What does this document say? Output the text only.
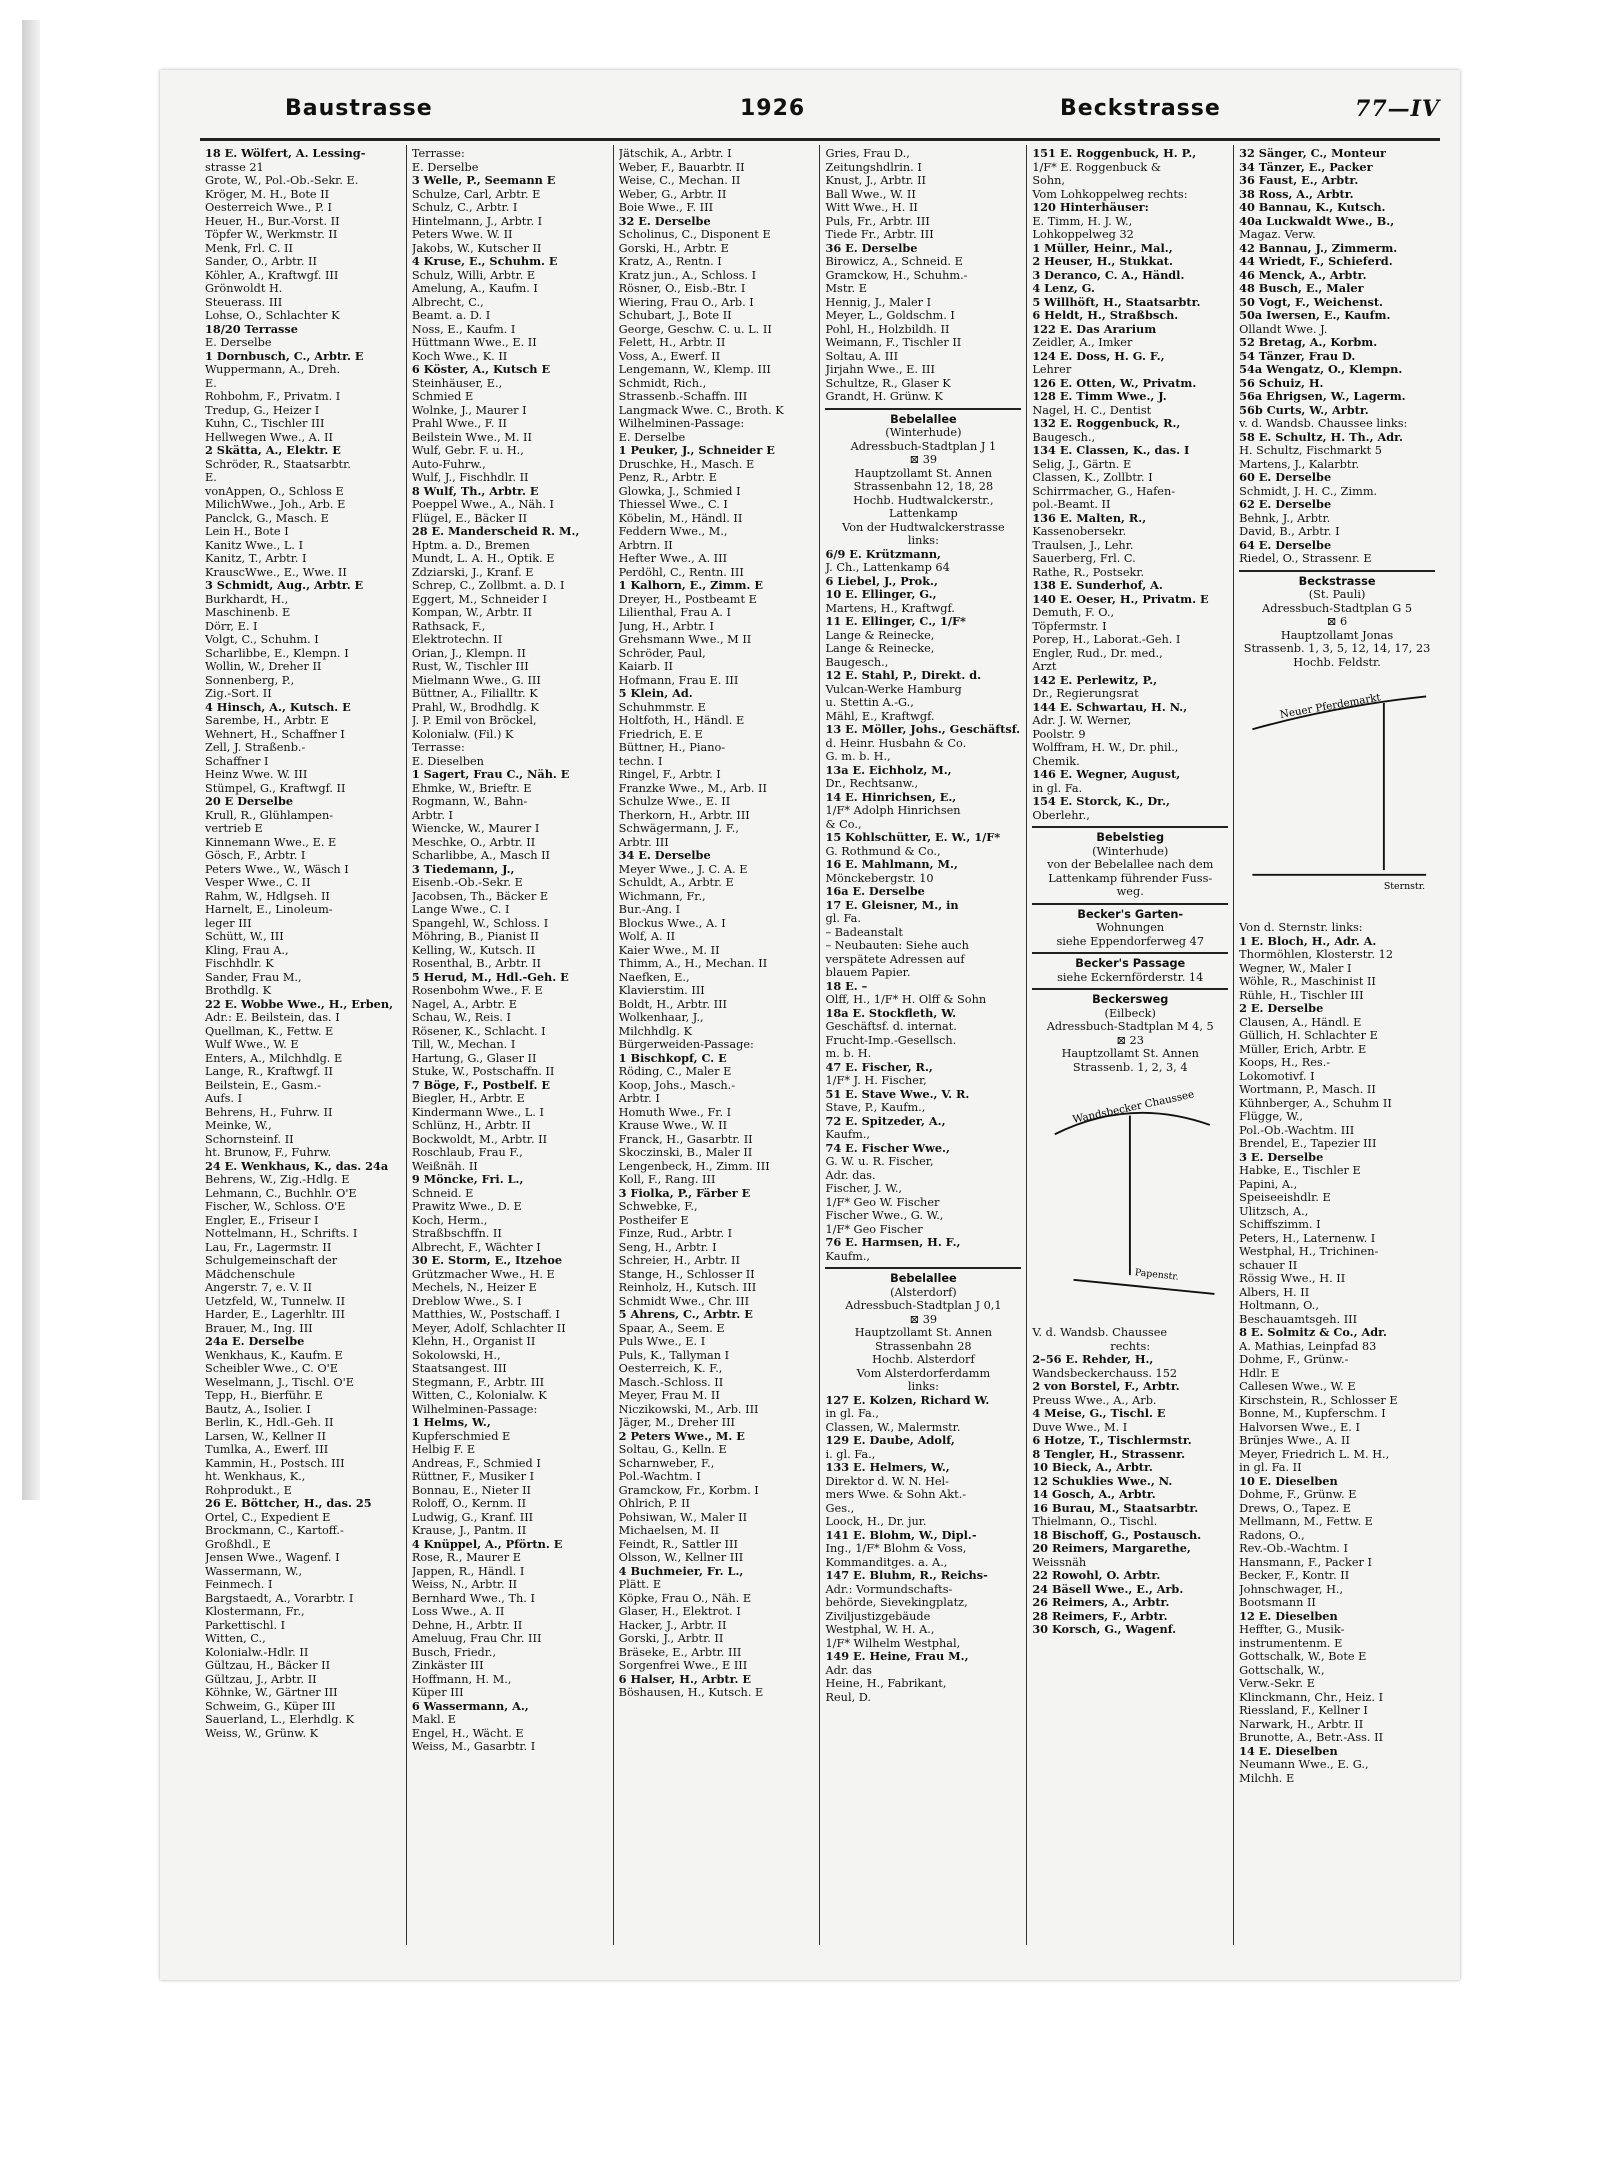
Baustrasse	1926	Beckstrasse	77—IV
18 E. Wölfert, A. Lessing-
strasse 21
Grote, W., Pol.-Ob.-Sekr. E.
Kröger, M. H., Bote II
Oesterreich Wwe., P. I
Heuer, H., Bur.-Vorst. II
Töpfer W., Werkmstr. II
Menk, Frl. C. II
Sander, O., Arbtr. II
Köhler, A., Kraftwgf. III
Grönwoldt H.
Steuerass. III
Lohse, O., Schlachter K
18/20 Terrasse
E. Derselbe
1 Dornbusch, C., Arbtr. E
Wuppermann, A., Dreh.
E.
Rohbohm, F., Privatm. I
Tredup, G., Heizer I
Kuhn, C., Tischler III
Hellwegen Wwe., A. II
2 Skätta, A., Elektr. E
Schröder, R., Staatsarbtr.
E.
vonAppen, O., Schloss E
MilichWwe., Joh., Arb. E
Panclck, G., Masch. E
Lein H., Bote I
Kanitz Wwe., L. I
Kanitz, T., Arbtr. I
KrauscWwe., E., Wwe. II
3 Schmidt, Aug., Arbtr. E
Burkhardt, H.,
Maschinenb. E
Dörr, E. I
Volgt, C., Schuhm. I
Scharlibbe, E., Klempn. I
Wollin, W., Dreher II
Sonnenberg, P.,
Zig.-Sort. II
4 Hinsch, A., Kutsch. E
Sarembe, H., Arbtr. E
Wehnert, H., Schaffner I
Zell, J. Straßenb.-
Schaffner I
Heinz Wwe. W. III
Stümpel, G., Kraftwgf. II
20 E Derselbe
Krull, R., Glühlampen-
vertrieb E
Kinnemann Wwe., E. E
Gösch, F., Arbtr. I
Peters Wwe., W., Wäsch I
Vesper Wwe., C. II
Rahm, W., Hdlgseh. II
Harnelt, E., Linoleum-
leger III
Schütt, W., III
Kling, Frau A.,
Fischhdlr. K
Sander, Frau M.,
Brothdlg. K
22 E. Wobbe Wwe., H., Erben,
Adr.: E. Beilstein, das. I
Quellman, K., Fettw. E
Wulf Wwe., W. E
Enters, A., Milchhdlg. E
Lange, R., Kraftwgf. II
Beilstein, E., Gasm.-
Aufs. I
Behrens, H., Fuhrw. II
Meinke, W.,
Schornsteinf. II
ht. Brunow, F., Fuhrw.
24 E. Wenkhaus, K., das. 24a
Behrens, W., Zig.-Hdlg. E
Lehmann, C., Buchhlr. O'E
Fischer, W., Schloss. O'E
Engler, E., Friseur I
Nottelmann, H., Schrifts. I
Lau, Fr., Lagermstr. II
Schulgemeinschaft der
Mädchenschule
Angerstr. 7, e. V. II
Uetzfeld, W., Tunnelw. II
Harder, E., Lagerhltr. III
Brauer, M., Ing. III
24a E. Derselbe
Wenkhaus, K., Kaufm. E
Scheibler Wwe., C. O'E
Weselmann, J., Tischl. O'E
Tepp, H., Bierführ. E
Bautz, A., Isolier. I
Berlin, K., Hdl.-Geh. II
Larsen, W., Kellner II
Tumlka, A., Ewerf. III
Kammin, H., Postsch. III
ht. Wenkhaus, K.,
Rohprodukt., E
26 E. Böttcher, H., das. 25
Ortel, C., Expedient E
Brockmann, C., Kartoff.-
Großhdl., E
Jensen Wwe., Wagenf. I
Wassermann, W.,
Feinmech. I
Bargstaedt, A., Vorarbtr. I
Klostermann, Fr.,
Parkettischl. I
Witten, C.,
Kolonialw.-Hdlr. II
Gültzau, H., Bäcker II
Gültzau, J., Arbtr. II
Köhnke, W., Gärtner III
Schweim, G., Küper III
Sauerland, L., Elerhdlg. K
Weiss, W., Grünw. K
Terrasse:
E. Derselbe
3 Welle, P., Seemann E
Schulze, Carl, Arbtr. E
Schulz, C., Arbtr. I
Hintelmann, J., Arbtr. I
Peters Wwe. W. II
Jakobs, W., Kutscher II
4 Kruse, E., Schuhm. E
Schulz, Willi, Arbtr. E
Amelung, A., Kaufm. I
Albrecht, C.,
Beamt. a. D. I
Noss, E., Kaufm. I
Hüttmann Wwe., E. II
Koch Wwe., K. II
6 Köster, A., Kutsch E
Steinhäuser, E.,
Schmied E
Wolnke, J., Maurer I
Prahl Wwe., F. II
Beilstein Wwe., M. II
Wulf, Gebr. F. u. H.,
Auto-Fuhrw.,
Wulf, J., Fischhdlr. II
8 Wulf, Th., Arbtr. E
Poeppel Wwe., A., Näh. I
Flügel, E., Bäcker II
28 E. Manderscheid R. M.,
Hptm. a. D., Bremen
Mundt, L. A. H., Optik. E
Zdziarski, J., Kranf. E
Schrep, C., Zollbmt. a. D. I
Eggert, M., Schneider I
Kompan, W., Arbtr. II
Rathsack, F.,
Elektrotechn. II
Orian, J., Klempn. II
Rust, W., Tischler III
Mielmann Wwe., G. III
Büttner, A., Filialltr. K
Prahl, W., Brodhdlg. K
J. P. Emil von Bröckel,
Kolonialw. (Fil.) K
Terrasse:
E. Dieselben
1 Sagert, Frau C., Näh. E
Ehmke, W., Brieftr. E
Rogmann, W., Bahn-
Arbtr. I
Wiencke, W., Maurer I
Meschke, O., Arbtr. II
Scharlibbe, A., Masch II
3 Tiedemann, J.,
Eisenb.-Ob.-Sekr. E
Jacobsen, Th., Bäcker E
Lange Wwe., C. I
Spangehl, W., Schloss. I
Möhring, B., Pianist II
Kelling, W., Kutsch. II
Rosenthal, B., Arbtr. II
5 Herud, M., Hdl.-Geh. E
Rosenbohm Wwe., F. E
Nagel, A., Arbtr. E
Schau, W., Reis. I
Rösener, K., Schlacht. I
Till, W., Mechan. I
Hartung, G., Glaser II
Stuke, W., Postschaffn. II
7 Böge, F., Postbelf. E
Biegler, H., Arbtr. E
Kindermann Wwe., L. I
Schlünz, H., Arbtr. II
Bockwoldt, M., Arbtr. II
Roschlaub, Frau F.,
Weißnäh. II
9 Möncke, Fri. L.,
Schneid. E
Prawitz Wwe., D. E
Koch, Herm.,
Straßbschffn. II
Albrecht, F., Wächter I
30 E. Storm, E., Itzehoe
Grützmacher Wwe., H. E
Mechels, N., Heizer E
Dreblow Wwe., S. I
Matthies, W., Postschaff. I
Meyer, Adolf, Schlachter II
Klehn, H., Organist II
Sokolowski, H.,
Staatsangest. III
Stegmann, F., Arbtr. III
Witten, C., Kolonialw. K
Wilhelminen-Passage:
1 Helms, W.,
Kupferschmied E
Helbig F. E
Andreas, F., Schmied I
Rüttner, F., Musiker I
Bonnau, E., Nieter II
Roloff, O., Kernm. II
Ludwig, G., Kranf. III
Krause, J., Pantm. II
4 Knüppel, A., Pförtn. E
Rose, R., Maurer E
Jappen, R., Händl. I
Weiss, N., Arbtr. II
Bernhard Wwe., Th. I
Loss Wwe., A. II
Dehne, H., Arbtr. II
Ameluug, Frau Chr. III
Busch, Friedr.,
Zinkäster III
Hoffmann, H. M.,
Küper III
6 Wassermann, A.,
Makl. E
Engel, H., Wächt. E
Weiss, M., Gasarbtr. I
Jätschik, A., Arbtr. I
Weber, F., Bauarbtr. II
Weise, C., Mechan. II
Weber, G., Arbtr. II
Boie Wwe., F. III
32 E. Derselbe
Scholinus, C., Disponent E
Gorski, H., Arbtr. E
Kratz, A., Rentn. I
Kratz jun., A., Schloss. I
Rösner, O., Eisb.-Btr. I
Wiering, Frau O., Arb. I
Schubart, J., Bote II
George, Geschw. C. u. L. II
Felett, H., Arbtr. II
Voss, A., Ewerf. II
Lengemann, W., Klemp. III
Schmidt, Rich.,
Strassenb.-Schaffn. III
Langmack Wwe. C., Broth. K
Wilhelminen-Passage:
E. Derselbe
1 Peuker, J., Schneider E
Druschke, H., Masch. E
Penz, R., Arbtr. E
Glowka, J., Schmied I
Thiessel Wwe., C. I
Köbelin, M., Händl. II
Feddern Wwe., M.,
Arbtrn. II
Hefter Wwe., A. III
Perdöhl, C., Rentn. III
1 Kalhorn, E., Zimm. E
Dreyer, H., Postbeamt E
Lilienthal, Frau A. I
Jung, H., Arbtr. I
Grehsmann Wwe., M II
Schröder, Paul,
Kaiarb. II
Hofmann, Frau E. III
5 Klein, Ad.
Schuhmmstr. E
Holtfoth, H., Händl. E
Friedrich, E. E
Büttner, H., Piano-
techn. I
Ringel, F., Arbtr. I
Franzke Wwe., M., Arb. II
Schulze Wwe., E. II
Therkorn, H., Arbtr. III
Schwägermann, J. F.,
Arbtr. III
34 E. Derselbe
Meyer Wwe., J. C. A. E
Schuldt, A., Arbtr. E
Wichmann, Fr.,
Bur.-Ang. I
Blockus Wwe., A. I
Wolf, A. II
Kaier Wwe., M. II
Thimm, A., H., Mechan. II
Naefken, E.,
Klavierstim. III
Boldt, H., Arbtr. III
Wolkenhaar, J.,
Milchhdlg. K
Bürgerweiden-Passage:
1 Bischkopf, C. E
Röding, C., Maler E
Koop, Johs., Masch.-
Arbtr. I
Homuth Wwe., Fr. I
Krause Wwe., W. II
Franck, H., Gasarbtr. II
Skoczinski, B., Maler II
Lengenbeck, H., Zimm. III
Koll, F., Rang. III
3 Fiolka, P., Färber E
Schwebke, F.,
Postheifer E
Finze, Rud., Arbtr. I
Seng, H., Arbtr. I
Schreier, H., Arbtr. II
Stange, H., Schlosser II
Reinholz, H., Kutsch. III
Schmidt Wwe., Chr. III
5 Ahrens, C., Arbtr. E
Spaar, A., Seem. E
Puls Wwe., E. I
Puls, K., Tallyman I
Oesterreich, K. F.,
Masch.-Schloss. II
Meyer, Frau M. II
Niczikowski, M., Arb. III
Jäger, M., Dreher III
2 Peters Wwe., M. E
Soltau, G., Kelln. E
Scharnweber, F.,
Pol.-Wachtm. I
Gramckow, Fr., Korbm. I
Ohlrich, P. II
Pohsiwan, W., Maler II
Michaelsen, M. II
Feindt, R., Sattler III
Olsson, W., Kellner III
4 Buchmeier, Fr. L.,
Plätt. E
Köpke, Frau O., Näh. E
Glaser, H., Elektrot. I
Hacker, J., Arbtr. II
Gorski, J., Arbtr. II
Bräseke, E., Arbtr. III
Sorgenfrei Wwe., E III
6 Halser, H., Arbtr. E
Böshausen, H., Kutsch. E
Gries, Frau D.,
Zeitungshdlrin. I
Knust, J., Arbtr. II
Ball Wwe., W. II
Witt Wwe., H. II
Puls, Fr., Arbtr. III
Tiede Fr., Arbtr. III
36 E. Derselbe
Birowicz, A., Schneid. E
Gramckow, H., Schuhm.-
Mstr. E
Hennig, J., Maler I
Meyer, L., Goldschm. I
Pohl, H., Holzbildh. II
Weimann, F., Tischler II
Soltau, A. III
Jirjahn Wwe., E. III
Schultze, R., Glaser K
Grandt, H. Grünw. K
Bebelallee
(Winterhude)
Adressbuch-Stadtplan J 1
⊠ 39
Hauptzollamt St. Annen
Strassenbahn 12, 18, 28
Hochb. Hudtwalckerstr.,
Lattenkamp
Von der Hudtwalckerstrasse
links:
6/9 E. Krützmann,
J. Ch., Lattenkamp 64
6 Liebel, J., Prok.,
10 E. Ellinger, G.,
Martens, H., Kraftwgf.
11 E. Ellinger, C., 1/F*
Lange & Reinecke,
Lange & Reinecke,
Baugesch.,
12 E. Stahl, P., Direkt. d.
Vulcan-Werke Hamburg
u. Stettin A.-G.,
Mähl, E., Kraftwgf.
13 E. Möller, Johs., Geschäftsf.
d. Heinr. Husbahn & Co.
G. m. b. H.,
13a E. Eichholz, M.,
Dr., Rechtsanw.,
14 E. Hinrichsen, E.,
1/F* Adolph Hinrichsen
& Co.,
15 Kohlschütter, E. W., 1/F*
G. Rothmund & Co.,
16 E. Mahlmann, M.,
Mönckebergstr. 10
16a E. Derselbe
17 E. Gleisner, M., in
gl. Fa.
– Badeanstalt
– Neubauten: Siehe auch
verspätete Adressen auf
blauem Papier.
18 E. –
Olff, H., 1/F* H. Olff & Sohn
18a E. Stockfleth, W.
Geschäftsf. d. internat.
Frucht-Imp.-Gesellsch.
m. b. H.
47 E. Fischer, R.,
1/F* J. H. Fischer,
51 E. Stave Wwe., V. R.
Stave, P., Kaufm.,
72 E. Spitzeder, A.,
Kaufm.,
74 E. Fischer Wwe.,
G. W. u. R. Fischer,
Adr. das.
Fischer, J. W.,
1/F* Geo W. Fischer
Fischer Wwe., G. W.,
1/F* Geo Fischer
76 E. Harmsen, H. F.,
Kaufm.,
Bebelallee
(Alsterdorf)
Adressbuch-Stadtplan J 0,1
⊠ 39
Hauptzollamt St. Annen
Strassenbahn 28
Hochb. Alsterdorf
Vom Alsterdorferdamm
links:
127 E. Kolzen, Richard W.
in gl. Fa.,
Classen, W., Malermstr.
129 E. Daube, Adolf,
i. gl. Fa.,
133 E. Helmers, W.,
Direktor d. W. N. Hel-
mers Wwe. & Sohn Akt.-
Ges.,
Loock, H., Dr. jur.
141 E. Blohm, W., Dipl.-
Ing., 1/F* Blohm & Voss,
Kommanditges. a. A.,
147 E. Bluhm, R., Reichs-
Adr.: Vormundschafts-
behörde, Sievekingplatz,
Ziviljustizgebäude
Westphal, W. H. A.,
1/F* Wilhelm Westphal,
149 E. Heine, Frau M.,
Adr. das
Heine, H., Fabrikant,
Reul, D.
151 E. Roggenbuck, H. P.,
1/F* E. Roggenbuck &
Sohn,
Vom Lohkoppelweg rechts:
120 Hinterhäuser:
E. Timm, H. J. W.,
Lohkoppelweg 32
1 Müller, Heinr., Mal.,
2 Heuser, H., Stukkat.
3 Deranco, C. A., Händl.
4 Lenz, G.
5 Willhöft, H., Staatsarbtr.
6 Heldt, H., Straßbsch.
122 E. Das Ararium
Zeidler, A., Imker
124 E. Doss, H. G. F.,
Lehrer
126 E. Otten, W., Privatm.
128 E. Timm Wwe., J.
Nagel, H. C., Dentist
132 E. Roggenbuck, R.,
Baugesch.,
134 E. Classen, K., das. I
Selig, J., Gärtn. E
Classen, K., Zollbtr. I
Schirrmacher, G., Hafen-
pol.-Beamt. II
136 E. Malten, R.,
Kassenobersekr.
Traulsen, J., Lehr.
Sauerberg, Frl. C.
Rathe, R., Postsekr.
138 E. Sunderhof, A.
140 E. Oeser, H., Privatm. E
Demuth, F. O.,
Töpfermstr. I
Porep, H., Laborat.-Geh. I
Engler, Rud., Dr. med.,
Arzt
142 E. Perlewitz, P.,
Dr., Regierungsrat
144 E. Schwartau, H. N.,
Adr. J. W. Werner,
Poolstr. 9
Wolffram, H. W., Dr. phil.,
Chemik.
146 E. Wegner, August,
in gl. Fa.
154 E. Storck, K., Dr.,
Oberlehr.,
Bebelstieg
(Winterhude)
von der Bebelallee nach dem
Lattenkamp führender Fuss-
weg.
Becker's Garten-
Wohnungen
siehe Eppendorferweg 47
Becker's Passage
siehe Eckernförderstr. 14
Beckersweg
(Eilbeck)
Adressbuch-Stadtplan M 4, 5
⊠ 23
Hauptzollamt St. Annen
Strassenb. 1, 2, 3, 4
Wandsbecker Chaussee
Papenstr.
V. d. Wandsb. Chaussee
rechts:
2–56 E. Rehder, H.,
Wandsbeckerchauss. 152
2 von Borstel, F., Arbtr.
Preuss Wwe., A., Arb.
4 Meise, G., Tischl. E
Duve Wwe., M. I
6 Hotze, T., Tischlermstr.
8 Tengler, H., Strassenr.
10 Bieck, A., Arbtr.
12 Schuklies Wwe., N.
14 Gosch, A., Arbtr.
16 Burau, M., Staatsarbtr.
Thielmann, O., Tischl.
18 Bischoff, G., Postausch.
20 Reimers, Margarethe,
Weissnäh
22 Rowohl, O. Arbtr.
24 Bäsell Wwe., E., Arb.
26 Reimers, A., Arbtr.
28 Reimers, F., Arbtr.
30 Korsch, G., Wagenf.
32 Sänger, C., Monteur
34 Tänzer, E., Packer
36 Faust, E., Arbtr.
38 Ross, A., Arbtr.
40 Bannau, K., Kutsch.
40a Luckwaldt Wwe., B.,
Magaz. Verw.
42 Bannau, J., Zimmerm.
44 Wriedt, F., Schieferd.
46 Menck, A., Arbtr.
48 Busch, E., Maler
50 Vogt, F., Weichenst.
50a Iwersen, E., Kaufm.
Ollandt Wwe. J.
52 Bretag, A., Korbm.
54 Tänzer, Frau D.
54a Wengatz, O., Klempn.
56 Schuiz, H.
56a Ehrigsen, W., Lagerm.
56b Curts, W., Arbtr.
v. d. Wandsb. Chaussee links:
58 E. Schultz, H. Th., Adr.
H. Schultz, Fischmarkt 5
Martens, J., Kalarbtr.
60 E. Derselbe
Schmidt, J. H. C., Zimm.
62 E. Derselbe
Behnk, J., Arbtr.
David, B., Arbtr. I
64 E. Derselbe
Riedel, O., Strassenr. E
Beckstrasse
(St. Pauli)
Adressbuch-Stadtplan G 5
⊠ 6
Hauptzollamt Jonas
Strassenb. 1, 3, 5, 12, 14, 17, 23
Hochb. Feldstr.
Neuer Pferdemarkt
Sternstr.
Von d. Sternstr. links:
1 E. Bloch, H., Adr. A.
Thormöhlen, Klosterstr. 12
Wegner, W., Maler I
Wöhle, R., Maschinist II
Rühle, H., Tischler III
2 E. Derselbe
Clausen, A., Händl. E
Güllich, H. Schlachter E
Müller, Erich, Arbtr. E
Koops, H., Res.-
Lokomotivf. I
Wortmann, P., Masch. II
Kühnberger, A., Schuhm II
Flügge, W.,
Pol.-Ob.-Wachtm. III
Brendel, E., Tapezier III
3 E. Derselbe
Habke, E., Tischler E
Papini, A.,
Speiseeishdlr. E
Ulitzsch, A.,
Schiffszimm. I
Peters, H., Laternenw. I
Westphal, H., Trichinen-
schauer II
Rössig Wwe., H. II
Albers, H. II
Holtmann, O.,
Beschauamtsgeh. III
8 E. Solmitz & Co., Adr.
A. Mathias, Leinpfad 83
Dohme, F., Grünw.-
Hdlr. E
Callesen Wwe., W. E
Kirschstein, R., Schlosser E
Bonne, M., Kupferschm. I
Halvorsen Wwe., E. I
Brünjes Wwe., A. II
Meyer, Friedrich L. M. H.,
in gl. Fa. II
10 E. Dieselben
Dohme, F., Grünw. E
Drews, O., Tapez. E
Mellmann, M., Fettw. E
Radons, O.,
Rev.-Ob.-Wachtm. I
Hansmann, F., Packer I
Becker, F., Kontr. II
Johnschwager, H.,
Bootsmann II
12 E. Dieselben
Heffter, G., Musik-
instrumentenm. E
Gottschalk, W., Bote E
Gottschalk, W.,
Verw.-Sekr. E
Klinckmann, Chr., Heiz. I
Riessland, F., Kellner I
Narwark, H., Arbtr. II
Brunotte, A., Betr.-Ass. II
14 E. Dieselben
Neumann Wwe., E. G.,
Milchh. E
